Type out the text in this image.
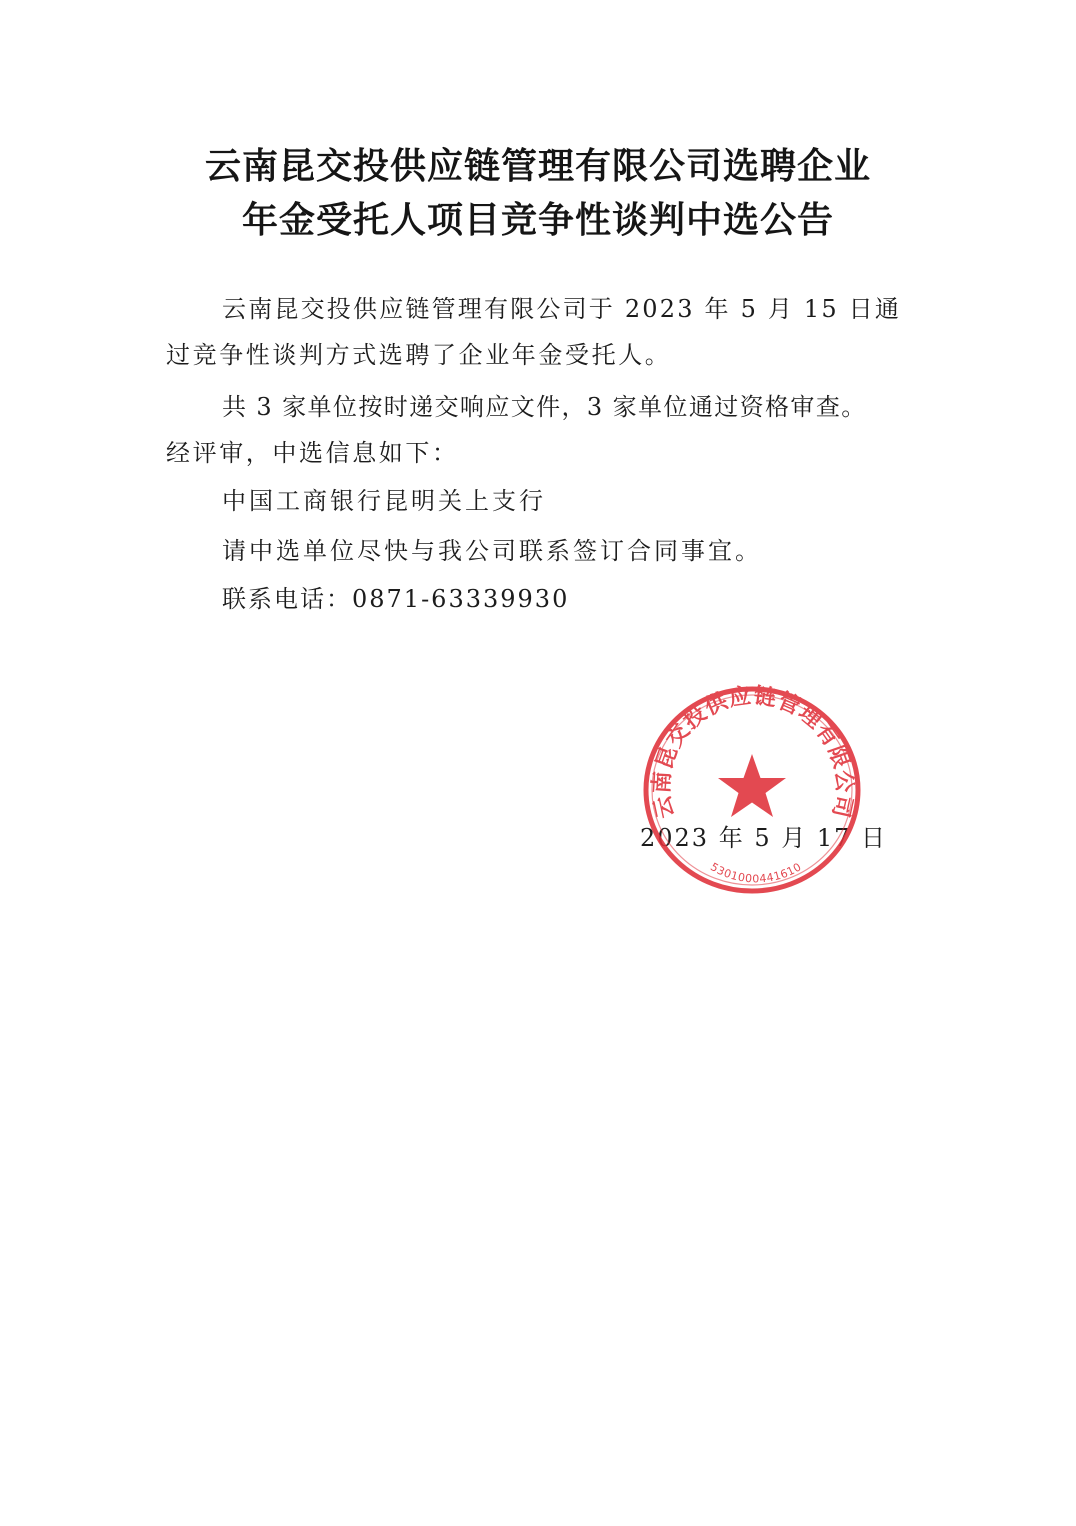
云南昆交投供应链管理有限公司选聘企业
年金受托人项目竞争性谈判中选公告
云南昆交投供应链管理有限公司于 2023 年 5 月 15 日通
过竞争性谈判方式选聘了企业年金受托人。
共 3 家单位按时递交响应文件，3 家单位通过资格审查。
经评审，中选信息如下：
中国工商银行昆明关上支行
请中选单位尽快与我公司联系签订合同事宜。
联系电话：0871-63339930
2023 年 5 月 17 日
云南昆交投供应链管理有限公司
5301000441610
